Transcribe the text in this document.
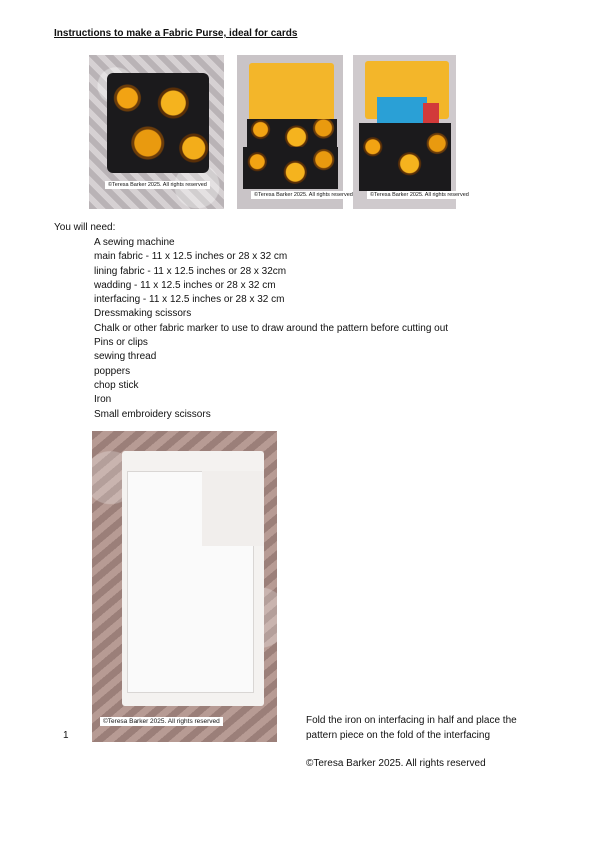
Instructions to make a Fabric Purse, ideal for cards
©Teresa Barker 2025. All rights reserved
©Teresa Barker 2025. All rights reserved	©Teresa Barker 2025. All rights reserved
You will need:
A sewing machine
main fabric - 11 x 12.5 inches or 28 x 32 cm
lining fabric - 11 x 12.5 inches or 28 x 32cm
wadding - 11 x 12.5 inches or 28 x 32 cm
interfacing - 11 x 12.5 inches or 28 x 32 cm
Dressmaking scissors
Chalk or other fabric marker to use to draw around the pattern before cutting out
Pins or clips
sewing thread
poppers
chop stick
Iron
Small embroidery scissors
©Teresa Barker 2025. All rights reserved
1
Fold the iron on interfacing in half and place the pattern piece on the fold of the interfacing
©Teresa Barker 2025. All rights reserved
